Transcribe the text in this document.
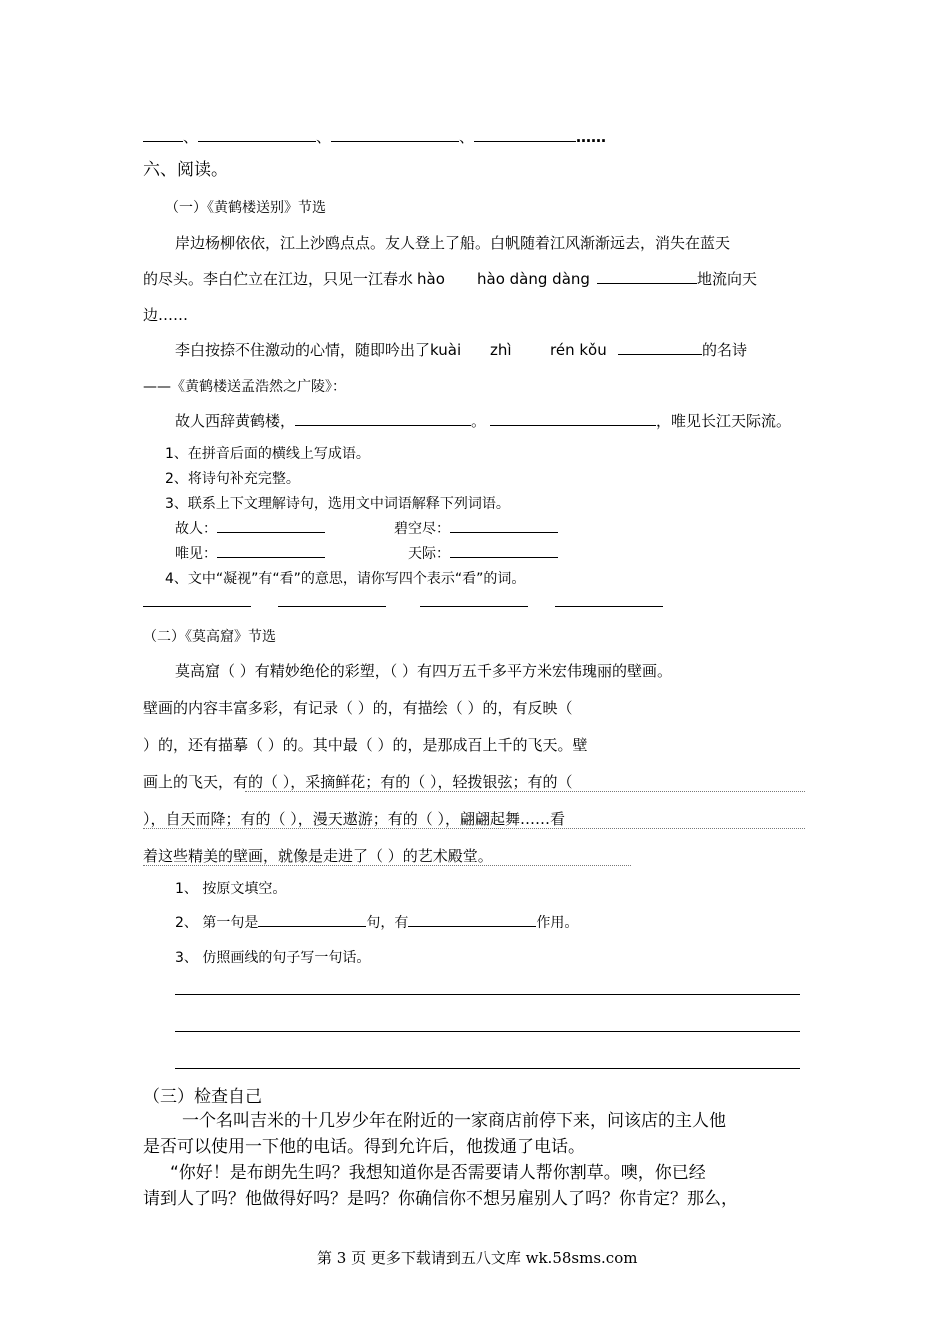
、	、	、	……
六、阅读。
（一）《黄鹤楼送别》节选
岸边杨柳依依，江上沙鸥点点。友人登上了船。白帆随着江风渐渐远去，消失在蓝天
的尽头。李白伫立在江边，只见一江春水 hào hào dàng dàng	地流向天
边……
李白按捺不住激动的心情，随即吟出了kuài zhì	rén kǒu	的名诗
——《黄鹤楼送孟浩然之广陵》：
故人西辞黄鹤楼，	。	，唯见长江天际流。
1、在拼音后面的横线上写成语。
2、将诗句补充完整。
3、联系上下文理解诗句，选用文中词语解释下列词语。
故人：	碧空尽：
唯见：	天际：
4、文中“凝视”有“看”的意思，请你写四个表示“看”的词。
（二）《莫高窟》节选
莫高窟（ ）有精妙绝伦的彩塑，（ ）有四万五千多平方米宏伟瑰丽的壁画。
壁画的内容丰富多彩，有记录（ ）的，有描绘（ ）的，有反映（
）的，还有描摹（ ）的。其中最（ ）的，是那成百上千的飞天。壁
画上的飞天，有的（ ），采摘鲜花；有的（ ），轻拨银弦；有的（
），自天而降；有的（ ），漫天遨游；有的（ ），翩翩起舞……看
着这些精美的壁画，就像是走进了（ ）的艺术殿堂。
1、 按原文填空。
2、 第一句是	句，有	作用。
3、 仿照画线的句子写一句话。
（三）检查自己
一个名叫吉米的十几岁少年在附近的一家商店前停下来，问该店的主人他
是否可以使用一下他的电话。得到允许后，他拨通了电话。
“你好！是布朗先生吗？我想知道你是否需要请人帮你割草。噢，你已经
请到人了吗？他做得好吗？是吗？你确信你不想另雇别人了吗？你肯定？那么，
第 3 页 更多下载请到五八文库 wk.58sms.com
